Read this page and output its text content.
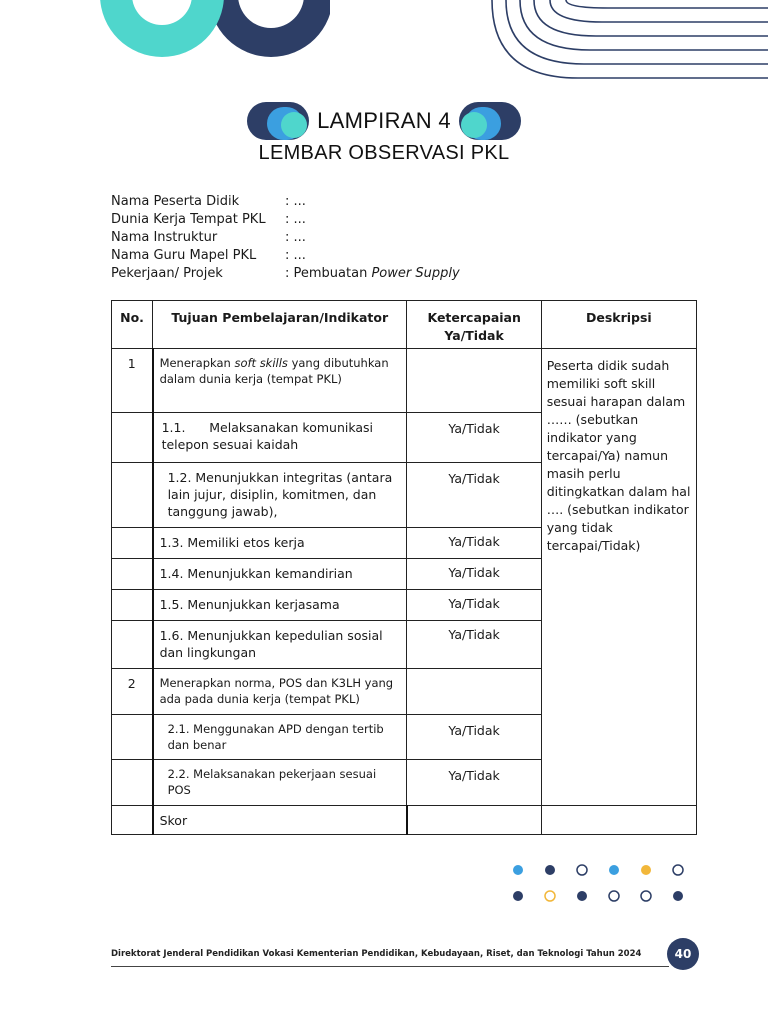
LAMPIRAN 4
LEMBAR OBSERVASI PKL
Nama Peserta Didik	: ...
Dunia Kerja Tempat PKL	: ...
Nama Instruktur	: ...
Nama Guru Mapel PKL	: ...
Pekerjaan/ Projek	: Pembuatan Power Supply
No.	Tujuan Pembelajaran/Indikator	Ketercapaian Ya/Tidak	Deskripsi

1	Menerapkan soft skills yang dibutuhkan dalam dunia kerja (tempat PKL)		Peserta didik sudah memiliki soft skill sesuai harapan dalam …… (sebutkan indikator yang tercapai/Ya) namun masih perlu ditingkatkan dalam hal …. (sebutkan indikator yang tidak tercapai/Tidak)

	1.1.      Melaksanakan komunikasi telepon sesuai kaidah	Ya/Tidak	

	1.2. Menunjukkan integritas (antara lain jujur, disiplin, komitmen, dan tanggung jawab),	Ya/Tidak	

	1.3. Memiliki etos kerja	Ya/Tidak	

	1.4. Menunjukkan kemandirian	Ya/Tidak	

	1.5. Menunjukkan kerjasama	Ya/Tidak	

	1.6. Menunjukkan kepedulian sosial dan lingkungan	Ya/Tidak	

2	Menerapkan norma, POS dan K3LH yang ada pada dunia kerja (tempat PKL)		

	2.1. Menggunakan APD dengan tertib dan benar	Ya/Tidak	

	2.2. Melaksanakan pekerjaan sesuai POS	Ya/Tidak	

	Skor		

Direktorat Jenderal Pendidikan Vokasi Kementerian Pendidikan, Kebudayaan, Riset, dan Teknologi Tahun 2024	40
